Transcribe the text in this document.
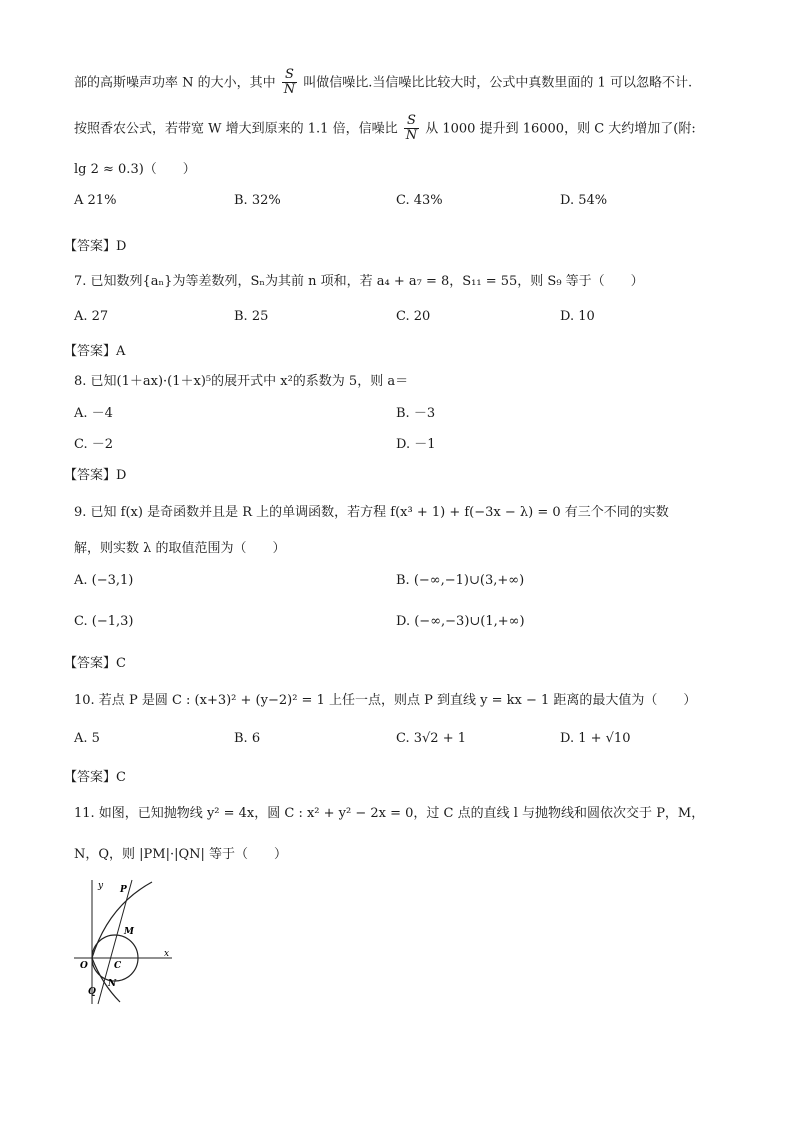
部的高斯噪声功率 N 的大小，其中 $\frac{S}{N}$ 叫做信噪比.当信噪比比较大时，公式中真数里面的 1 可以忽略不计.
按照香农公式，若带宽 W 增大到原来的 1.1 倍，信噪比 $\frac{S}{N}$ 从 1000 提升到 16000，则 C 大约增加了(附:
lg 2 ≈ 0.3)（　　）
A 21%	B. 32%	C. 43%	D. 54%
【答案】D
7. 已知数列{aₙ}为等差数列，Sₙ为其前 n 项和，若 a₄ + a₇ = 8，S₁₁ = 55，则 S₉ 等于（　　）
A. 27	B. 25	C. 20	D. 10
【答案】A
8. 已知(1＋ax)·(1＋x)⁵的展开式中 x²的系数为 5，则 a＝
A. －4	B. －3
C. －2	D. －1
【答案】D
9. 已知 f(x) 是奇函数并且是 R 上的单调函数，若方程 f(x³ + 1) + f(−3x − λ) = 0 有三个不同的实数
解，则实数 λ 的取值范围为（　　）
A. (−3,1)	B. (−∞,−1)∪(3,+∞)
C. (−1,3)	D. (−∞,−3)∪(1,+∞)
【答案】C
10. 若点 P 是圆 C : (x+3)² + (y−2)² = 1 上任一点，则点 P 到直线 y = kx − 1 距离的最大值为（　　）
A. 5	B. 6	C. 3√2 + 1	D. 1 + √10
【答案】C
11. 如图，已知抛物线 y² = 4x，圆 C : x² + y² − 2x = 0，过 C 点的直线 l 与抛物线和圆依次交于 P，M，
N，Q，则 |PM|·|QN| 等于（　　）
y
x
O	C
P
M
N
Q
